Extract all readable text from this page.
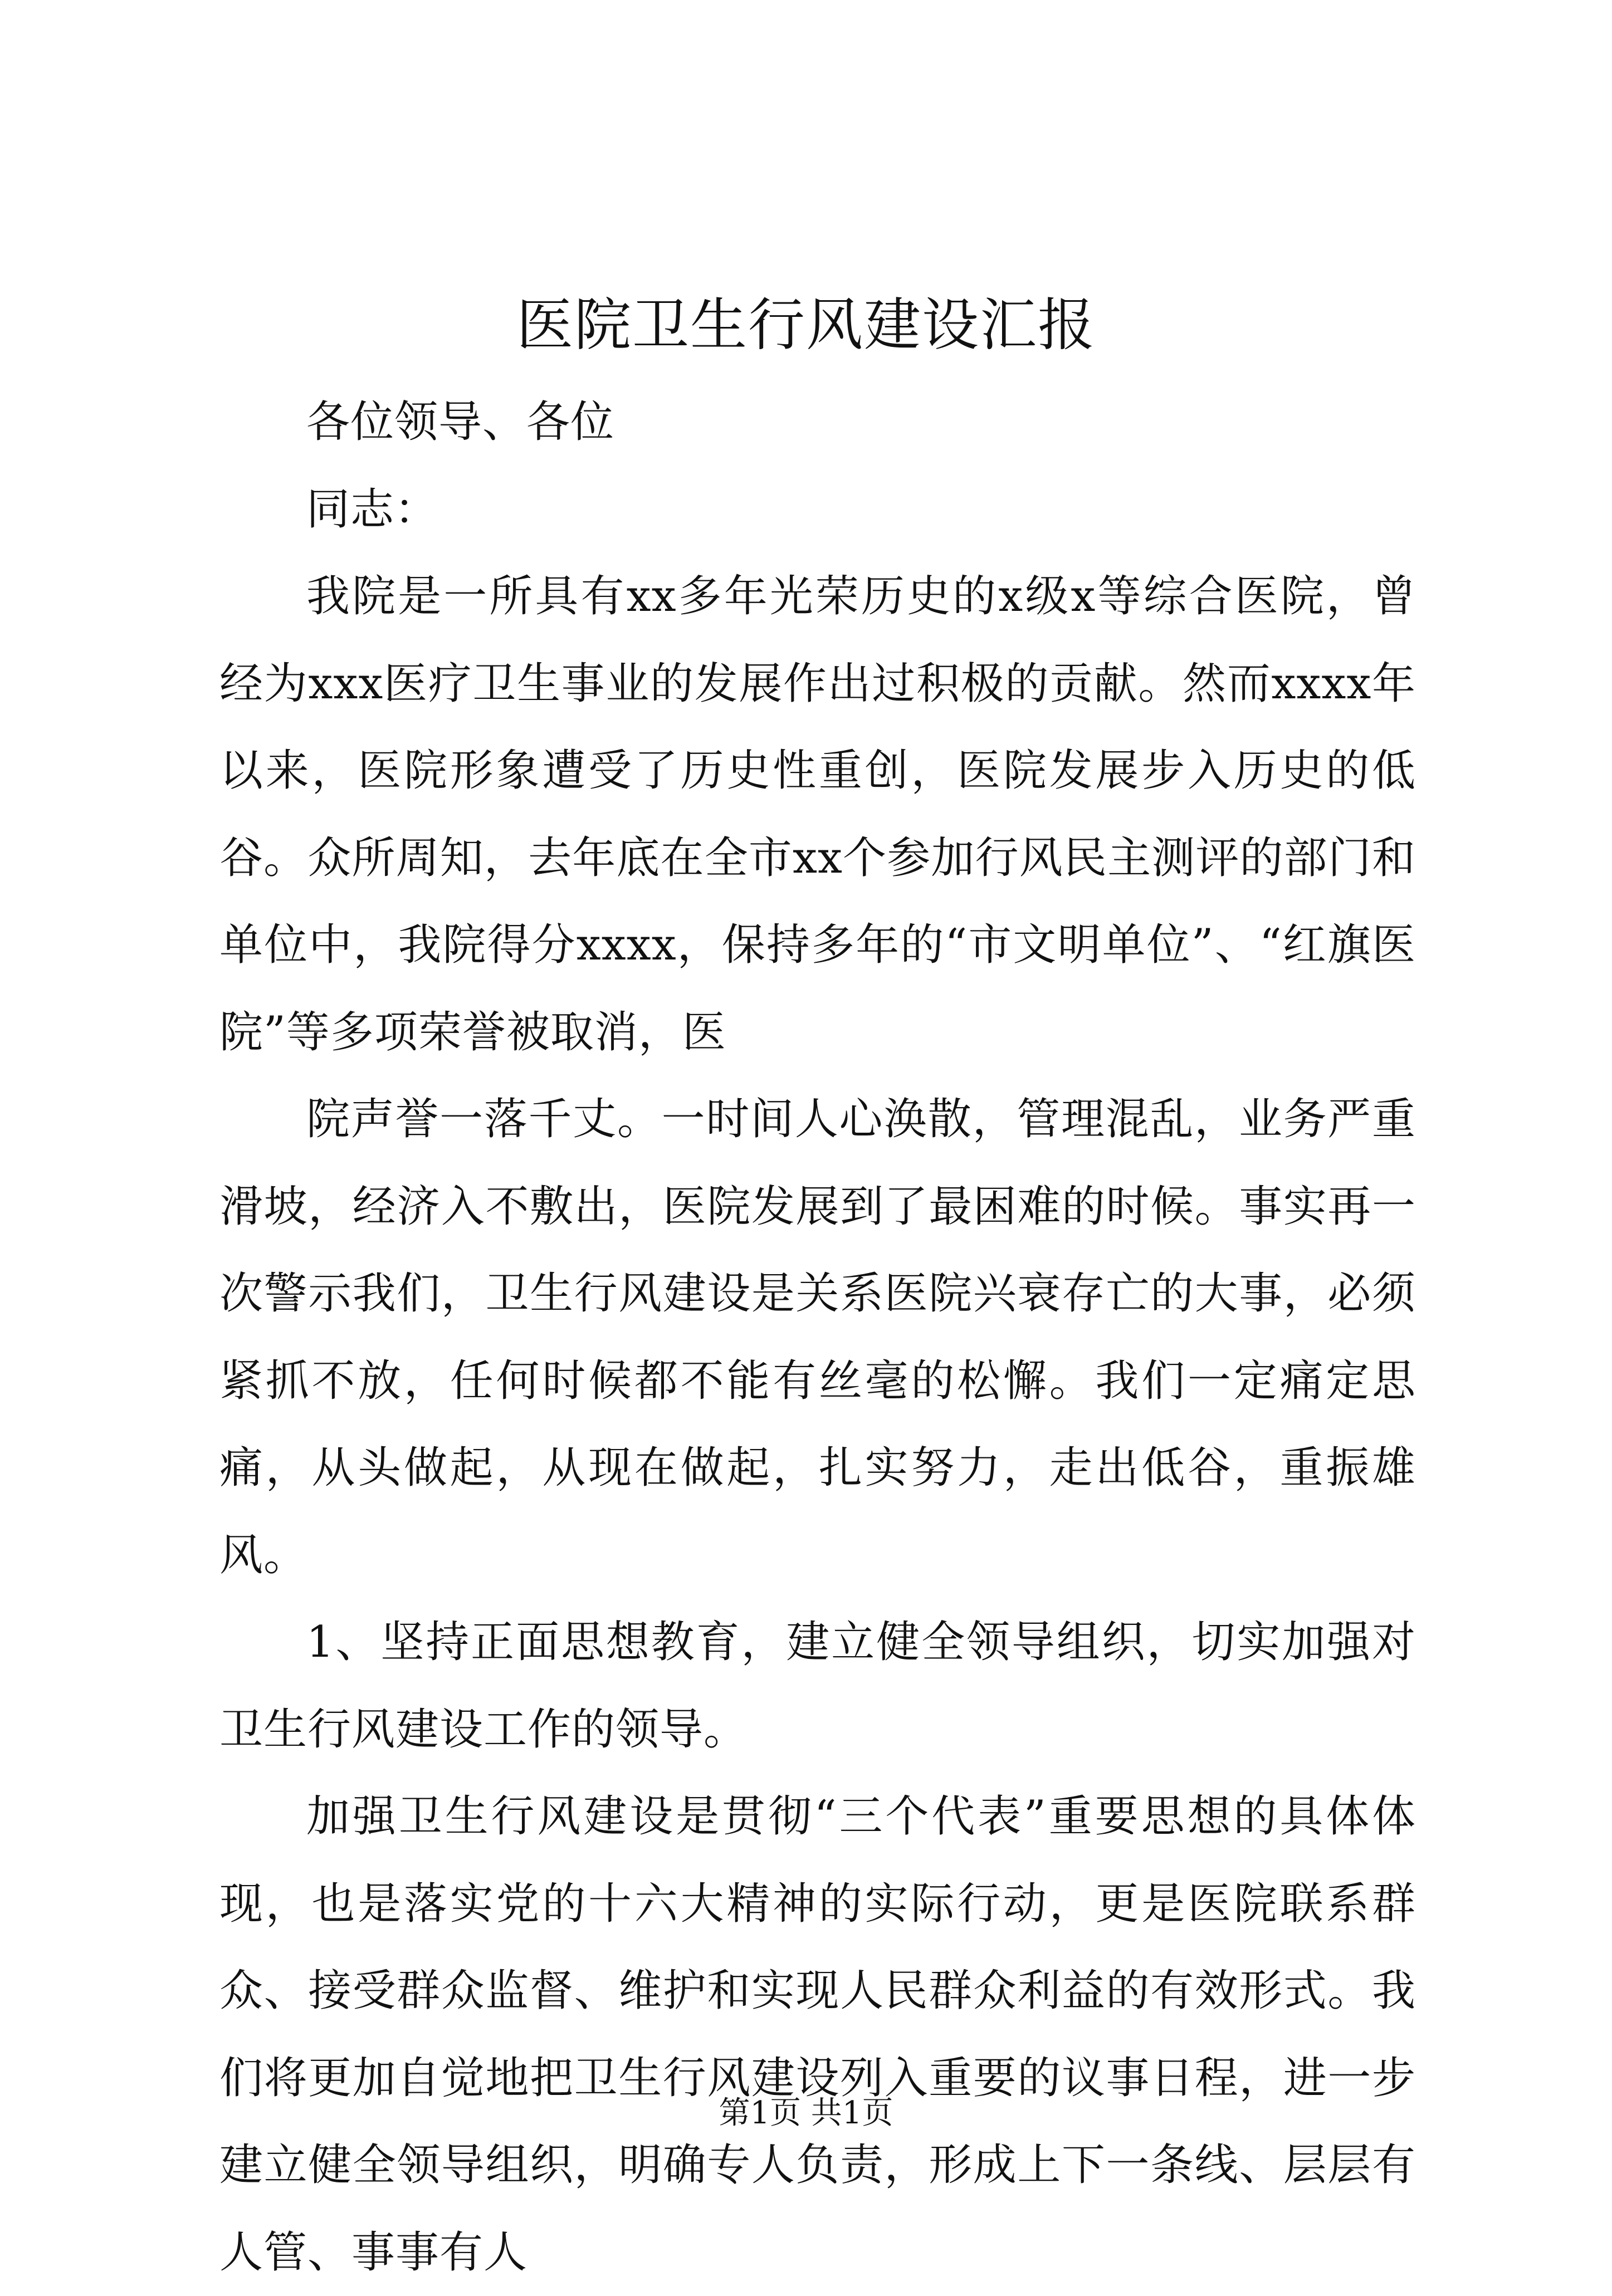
医院卫生行风建设汇报

各位领导、各位

同志：

我院是一所具有xx多年光荣历史的x级x等综合医院，曾经为xxx医疗卫生事业的发展作出过积极的贡献。然而xxxx年以来，医院形象遭受了历史性重创，医院发展步入历史的低谷。众所周知，去年底在全市xx个参加行风民主测评的部门和单位中，我院得分xxxx，保持多年的“市文明单位”、“红旗医院”等多项荣誉被取消，医

院声誉一落千丈。一时间人心涣散，管理混乱，业务严重滑坡，经济入不敷出，医院发展到了最困难的时候。事实再一次警示我们，卫生行风建设是关系医院兴衰存亡的大事，必须紧抓不放，任何时候都不能有丝毫的松懈。我们一定痛定思痛，从头做起，从现在做起，扎实努力，走出低谷，重振雄风。

1、坚持正面思想教育，建立健全领导组织，切实加强对卫生行风建设工作的领导。

加强卫生行风建设是贯彻“三个代表”重要思想的具体体现，也是落实党的十六大精神的实际行动，更是医院联系群众、接受群众监督、维护和实现人民群众利益的有效形式。我们将更加自觉地把卫生行风建设列入重要的议事日程，进一步建立健全领导组织，明确专人负责，形成上下一条线、层层有人管、事事有人

第1页 共1页
